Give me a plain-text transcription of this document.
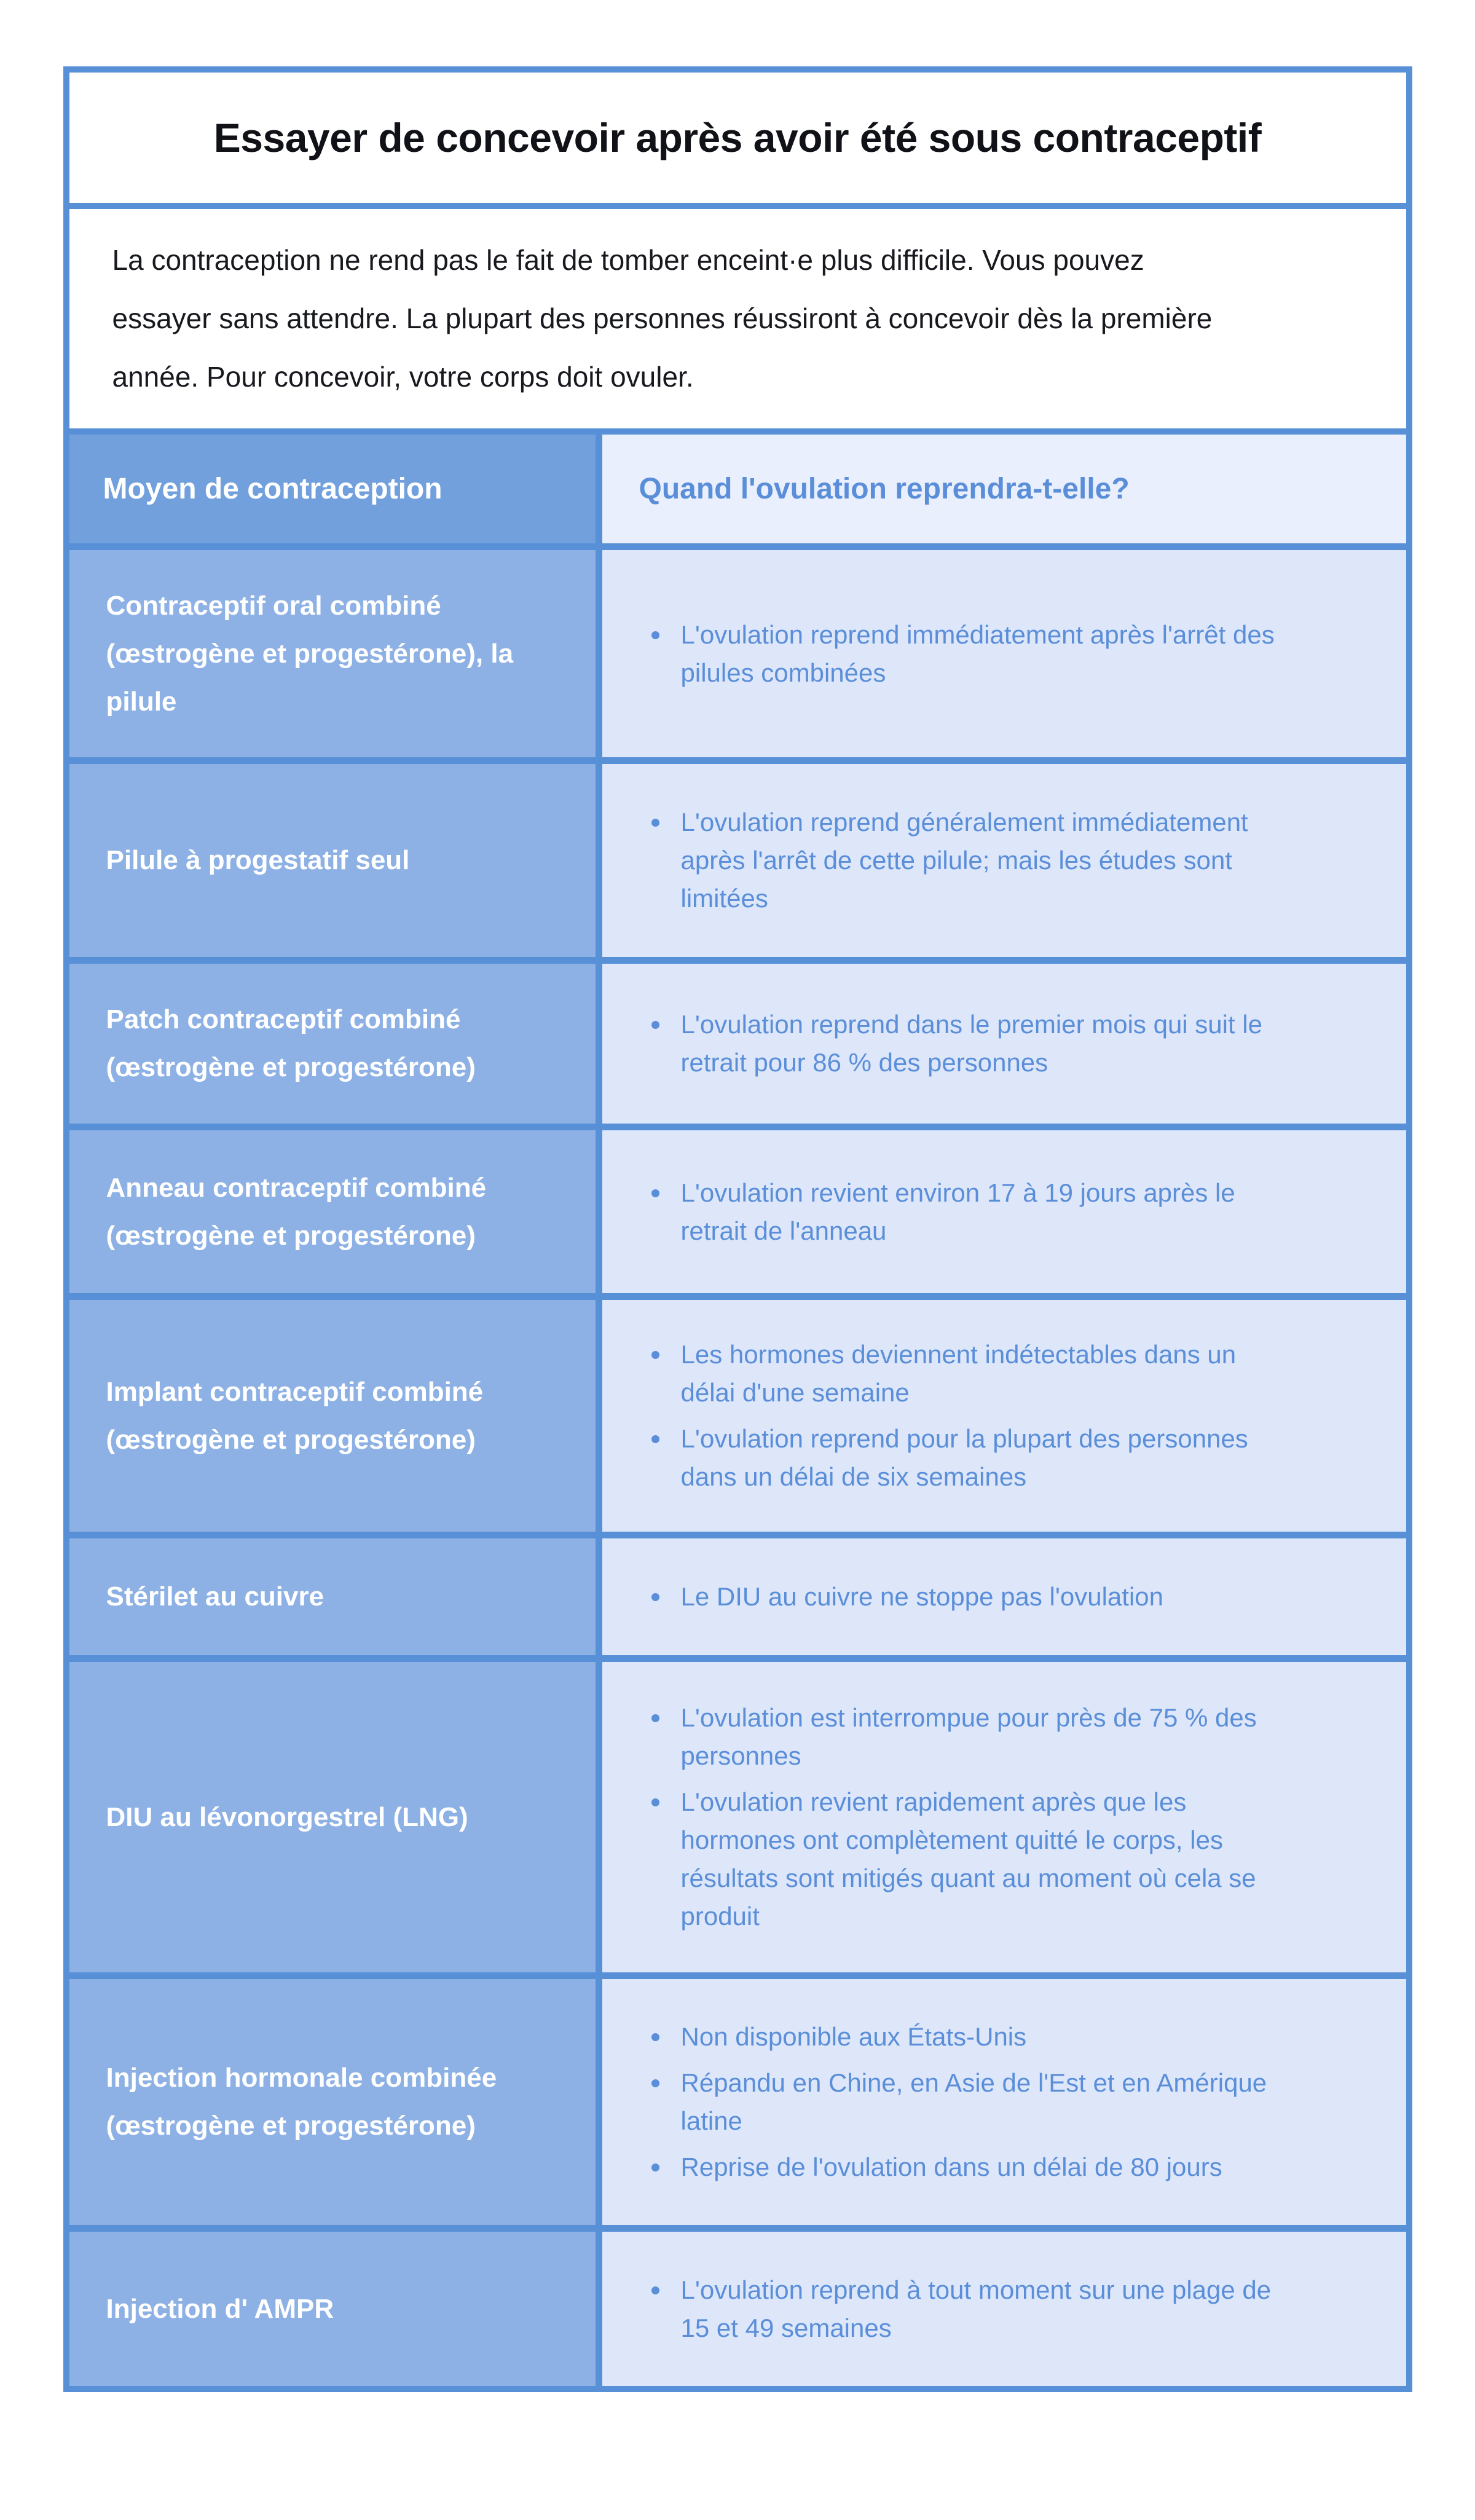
Essayer de concevoir après avoir été sous contraceptif

La contraception ne rend pas le fait de tomber enceint·e plus difficile. Vous pouvez essayer sans attendre. La plupart des personnes réussiront à concevoir dès la première année. Pour concevoir, votre corps doit ovuler.

Moyen de contraception	Quand l'ovulation reprendra-t-elle?
Contraceptif oral combiné (œstrogène et progestérone), la pilule
L'ovulation reprend immédiatement après l'arrêt des pilules combinées
Pilule à progestatif seul
L'ovulation reprend généralement immédiatement après l'arrêt de cette pilule; mais les études sont limitées
Patch contraceptif combiné (œstrogène et progestérone)
L'ovulation reprend dans le premier mois qui suit le retrait pour 86 % des personnes
Anneau contraceptif combiné (œstrogène et progestérone)
L'ovulation revient environ 17 à 19 jours après le retrait de l'anneau
Implant contraceptif combiné (œstrogène et progestérone)
Les hormones deviennent indétectables dans un délai d'une semaine
L'ovulation reprend pour la plupart des personnes dans un délai de six semaines
Stérilet au cuivre	Le DIU au cuivre ne stoppe pas l'ovulation
DIU au lévonorgestrel (LNG)
L'ovulation est interrompue pour près de 75 % des personnes
L'ovulation revient rapidement après que les hormones ont complètement quitté le corps, les résultats sont mitigés quant au moment où cela se produit
Injection hormonale combinée (œstrogène et progestérone)
Non disponible aux États-Unis
Répandu en Chine, en Asie de l'Est et en Amérique latine
Reprise de l'ovulation dans un délai de 80 jours
Injection d' AMPR
L'ovulation reprend à tout moment sur une plage de 15 et 49 semaines
